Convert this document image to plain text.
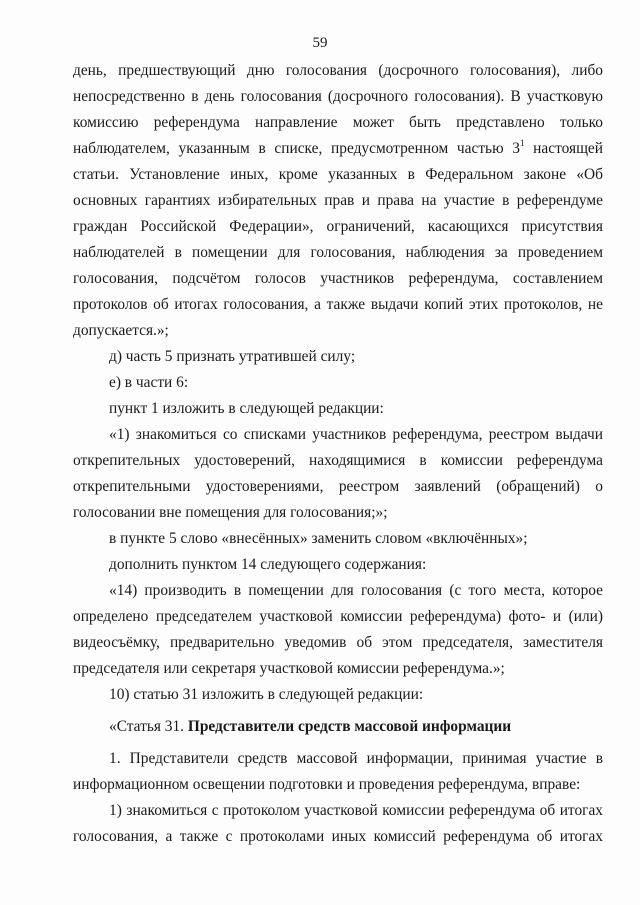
59
день, предшествующий дню голосования (досрочного голосования), либо
непосредственно в день голосования (досрочного голосования). В участковую
комиссию референдума направление может быть представлено только
наблюдателем, указанным в списке, предусмотренном частью $3^1$ настоящей
статьи. Установление иных, кроме указанных в Федеральном законе «Об
основных гарантиях избирательных прав и права на участие в референдуме
граждан Российской Федерации», ограничений, касающихся присутствия
наблюдателей в помещении для голосования, наблюдения за проведением
голосования, подсчётом голосов участников референдума, составлением
протоколов об итогах голосования, а также выдачи копий этих протоколов, не
допускается.»;
д) часть 5 признать утратившей силу;
е) в части 6:
пункт 1 изложить в следующей редакции:
«1) знакомиться со списками участников референдума, реестром выдачи
открепительных удостоверений, находящимися в комиссии референдума
открепительными удостоверениями, реестром заявлений (обращений) о
голосовании вне помещения для голосования;»;
в пункте 5 слово «внесённых» заменить словом «включённых»;
дополнить пунктом 14 следующего содержания:
«14) производить в помещении для голосования (с того места, которое
определено председателем участковой комиссии референдума) фото- и (или)
видеосъёмку, предварительно уведомив об этом председателя, заместителя
председателя или секретаря участковой комиссии референдума.»;
10) статью 31 изложить в следующей редакции:
«Статья 31. Представители средств массовой информации
1. Представители средств массовой информации, принимая участие в
информационном освещении подготовки и проведения референдума, вправе:
1) знакомиться с протоколом участковой комиссии референдума об итогах
голосования, а также с протоколами иных комиссий референдума об итогах
